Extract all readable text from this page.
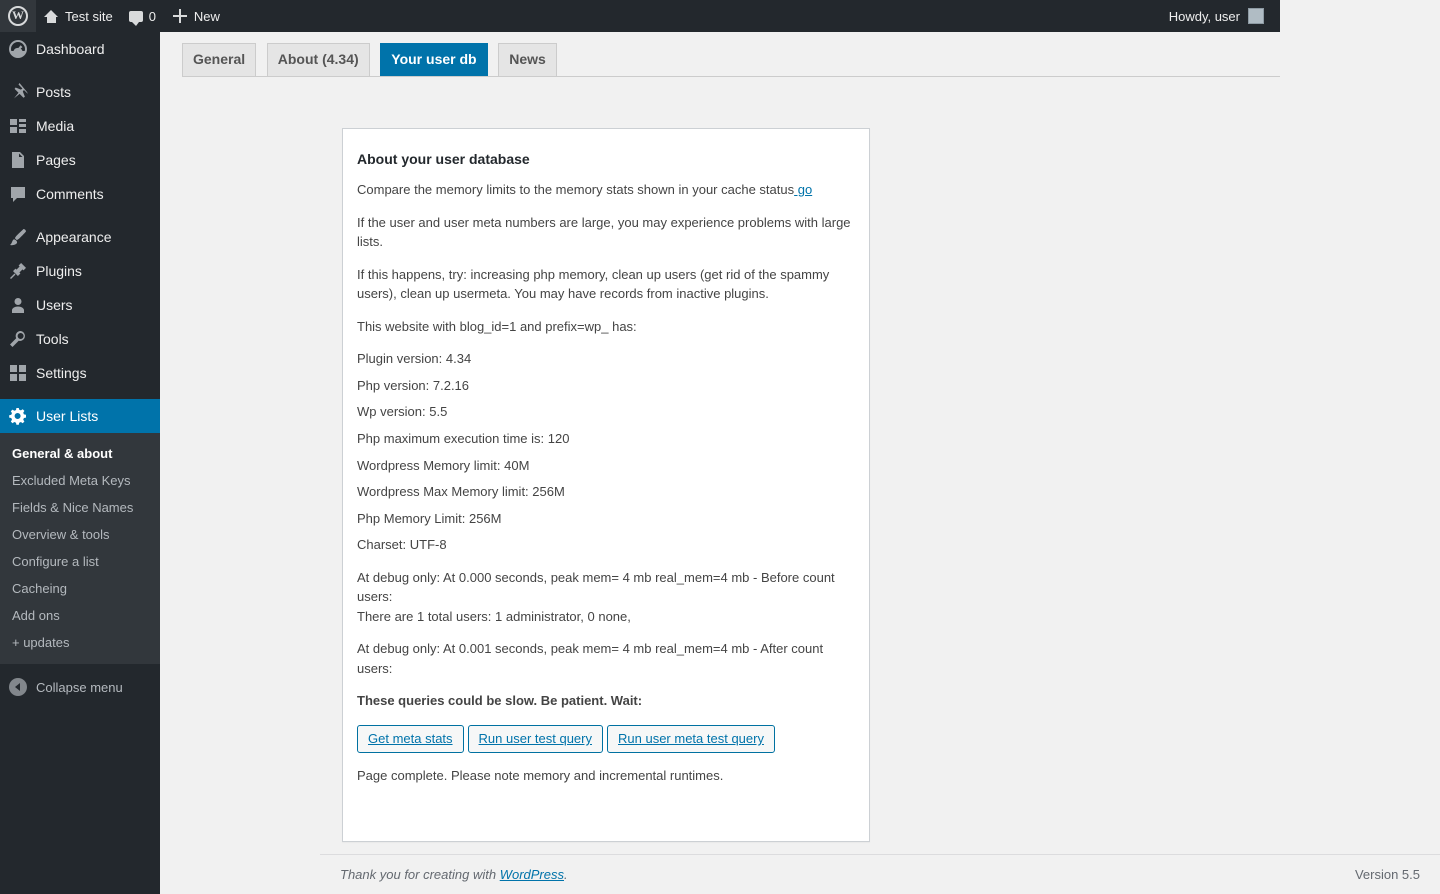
W
Test site	0	New	Howdy, user
Dashboard
Posts
Media
Pages
Comments
Appearance
Plugins
Users
Tools
Settings
User Lists
General & about
Excluded Meta Keys
Fields & Nice Names
Overview & tools
Configure a list
Cacheing
Add ons
+ updates
Collapse menu
General About (4.34) Your user db News
About your user database

Compare the memory limits to the memory stats shown in your cache status go

If the user and user meta numbers are large, you may experience problems with large lists.

If this happens, try: increasing php memory, clean up users (get rid of the spammy users), clean up usermeta. You may have records from inactive plugins.

This website with blog_id=1 and prefix=wp_ has:

Plugin version: 4.34

Php version: 7.2.16

Wp version: 5.5

Php maximum execution time is: 120

Wordpress Memory limit: 40M

Wordpress Max Memory limit: 256M

Php Memory Limit: 256M

Charset: UTF-8

At debug only: At 0.000 seconds, peak mem= 4 mb real_mem=4 mb - Before count users:
There are 1 total users: 1 administrator, 0 none,

At debug only: At 0.001 seconds, peak mem= 4 mb real_mem=4 mb - After count users:

These queries could be slow. Be patient. Wait:

Get meta stats	Run user test query	Run user meta test query

Page complete. Please note memory and incremental runtimes.

Thank you for creating with WordPress.	Version 5.5
